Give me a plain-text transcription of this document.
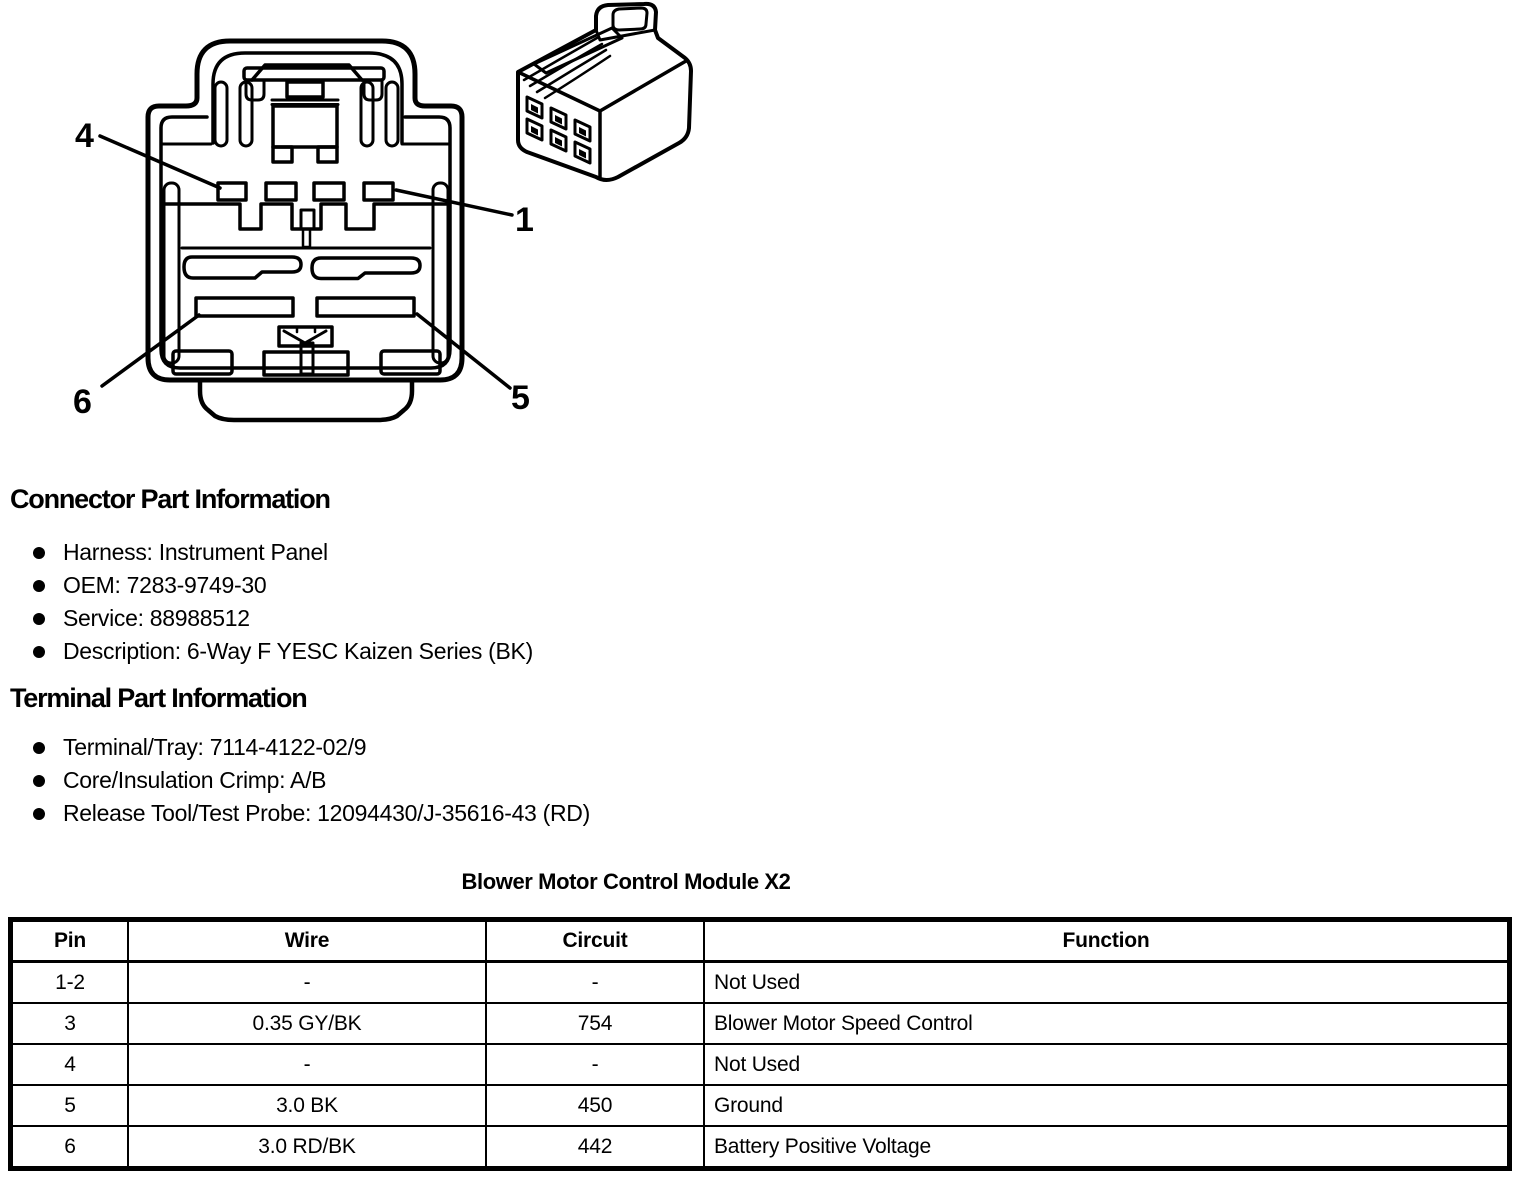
4
1
6	5
Connector Part Information
Harness: Instrument Panel
OEM: 7283-9749-30
Service: 88988512
Description: 6-Way F YESC Kaizen Series (BK)
Terminal Part Information
Terminal/Tray: 7114-4122-02/9
Core/Insulation Crimp: A/B
Release Tool/Test Probe: 12094430/J-35616-43 (RD)
Blower Motor Control Module X2
Pin	Wire	Circuit	Function
1-2	-	-	Not Used
3	0.35 GY/BK	754	Blower Motor Speed Control
4	-	-	Not Used
5	3.0 BK	450	Ground
6	3.0 RD/BK	442	Battery Positive Voltage
